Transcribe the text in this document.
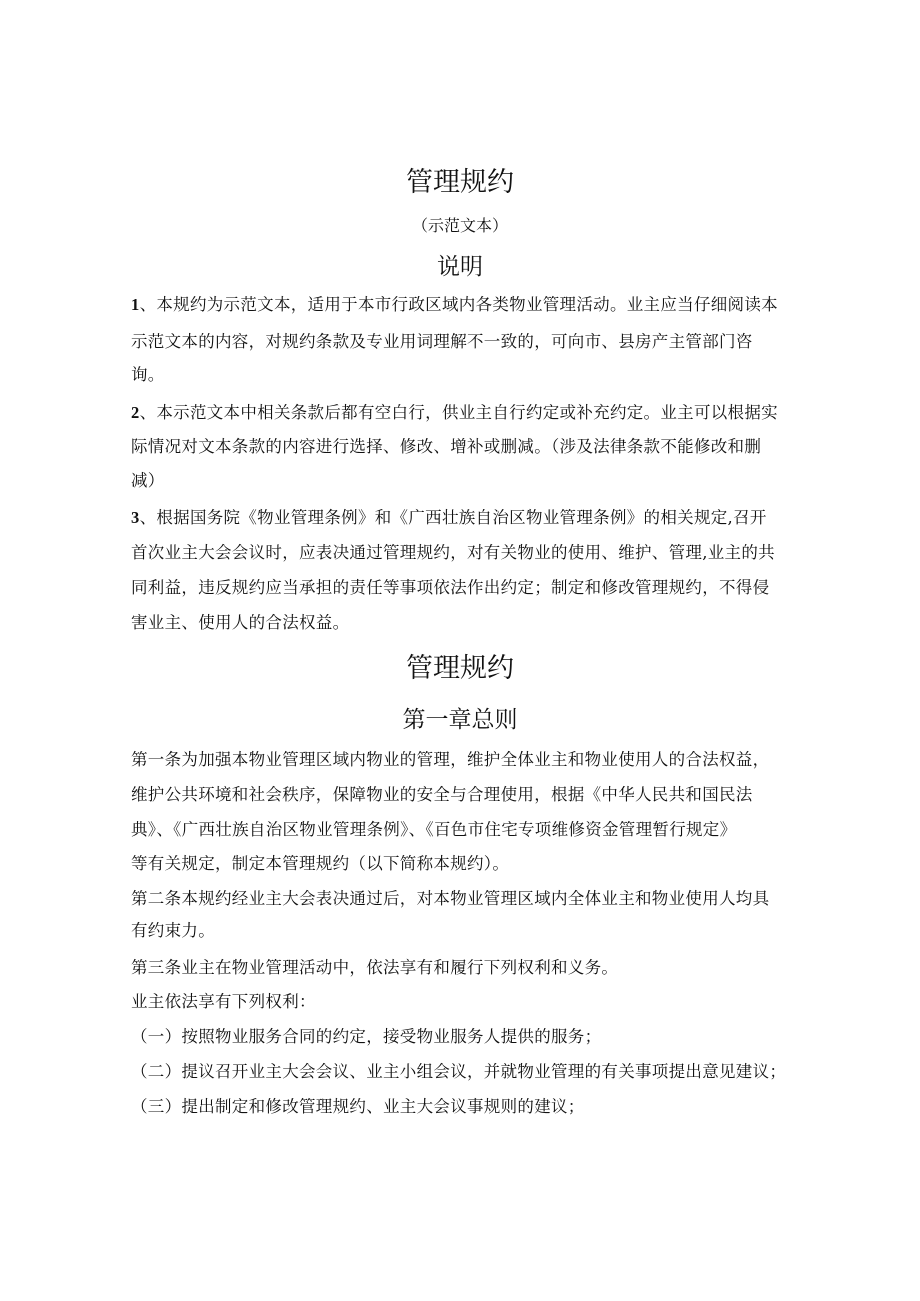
管理规约
（示范文本）
说明
1、本规约为示范文本，适用于本市行政区域内各类物业管理活动。业主应当仔细阅读本
示范文本的内容，对规约条款及专业用词理解不一致的，可向市、县房产主管部门咨
询。
2、本示范文本中相关条款后都有空白行，供业主自行约定或补充约定。业主可以根据实
际情况对文本条款的内容进行选择、修改、增补或删减。（涉及法律条款不能修改和删
减）
3、根据国务院《物业管理条例》和《广西壮族自治区物业管理条例》的相关规定,召开
首次业主大会会议时，应表决通过管理规约，对有关物业的使用、维护、管理,业主的共
同利益，违反规约应当承担的责任等事项依法作出约定；制定和修改管理规约，不得侵
害业主、使用人的合法权益。
管理规约
第一章总则
第一条为加强本物业管理区域内物业的管理，维护全体业主和物业使用人的合法权益，
维护公共环境和社会秩序，保障物业的安全与合理使用，根据《中华人民共和国民法
典》、《广西壮族自治区物业管理条例》、《百色市住宅专项维修资金管理暂行规定》
等有关规定，制定本管理规约（以下简称本规约）。
第二条本规约经业主大会表决通过后，对本物业管理区域内全体业主和物业使用人均具
有约束力。
第三条业主在物业管理活动中，依法享有和履行下列权利和义务。
业主依法享有下列权利：
（一）按照物业服务合同的约定，接受物业服务人提供的服务；
（二）提议召开业主大会会议、业主小组会议，并就物业管理的有关事项提出意见建议；
（三）提出制定和修改管理规约、业主大会议事规则的建议；
